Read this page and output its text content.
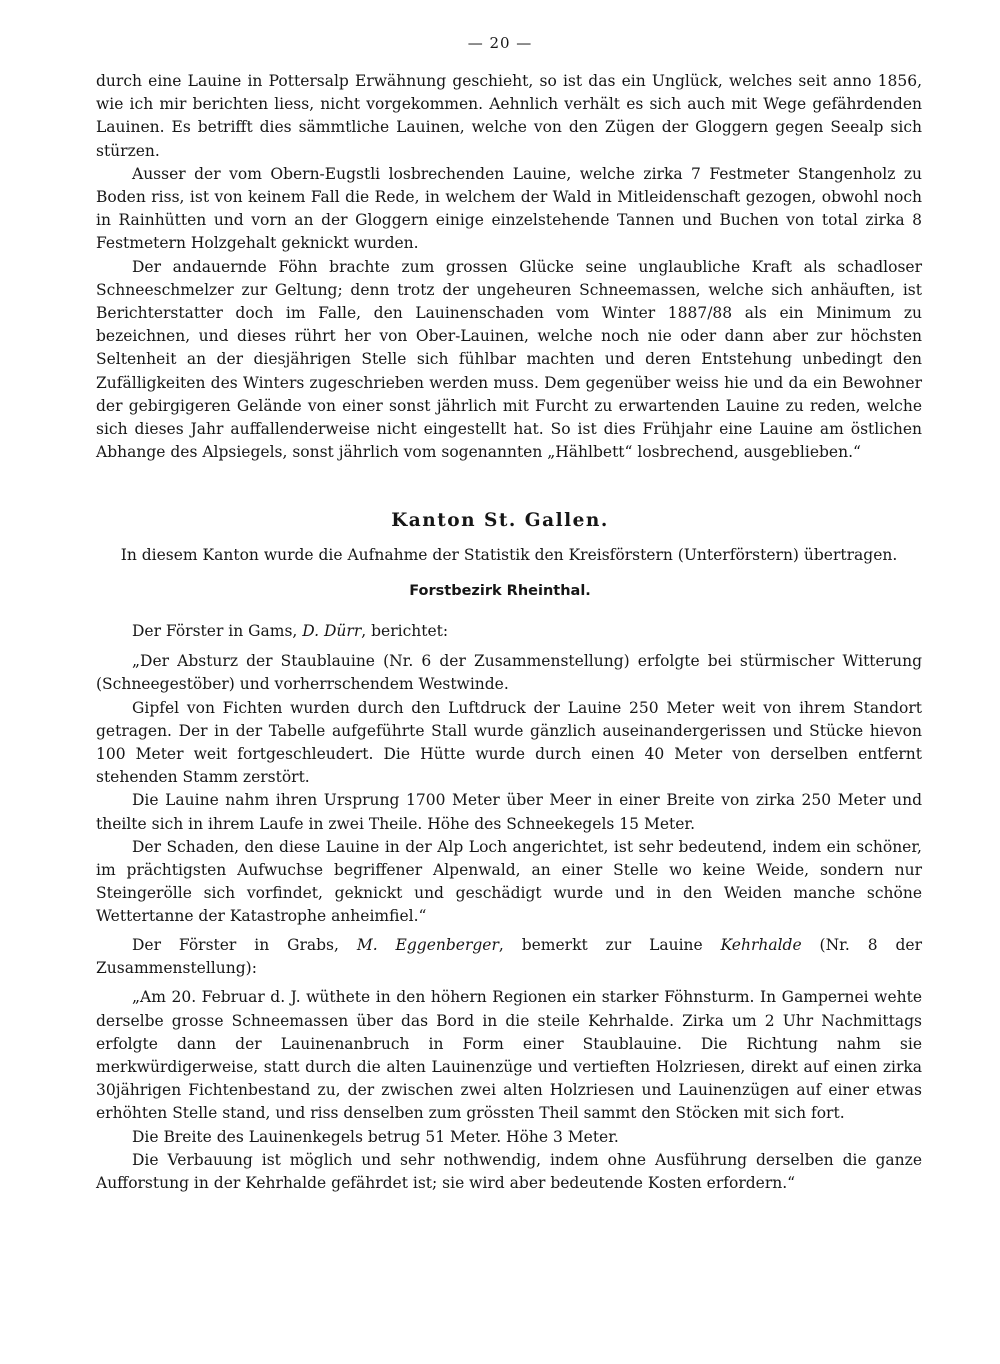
— 20 —

durch eine Lauine in Pottersalp Erwähnung geschieht, so ist das ein Unglück, welches seit anno 1856, wie ich mir berichten liess, nicht vorgekommen. Aehnlich verhält es sich auch mit Wege gefährdenden Lauinen. Es betrifft dies sämmtliche Lauinen, welche von den Zügen der Gloggern gegen Seealp sich stürzen.

Ausser der vom Obern-Eugstli losbrechenden Lauine, welche zirka 7 Festmeter Stangenholz zu Boden riss, ist von keinem Fall die Rede, in welchem der Wald in Mitleidenschaft gezogen, obwohl noch in Rainhütten und vorn an der Gloggern einige einzelstehende Tannen und Buchen von total zirka 8 Festmetern Holzgehalt geknickt wurden.

Der andauernde Föhn brachte zum grossen Glücke seine unglaubliche Kraft als schadloser Schneeschmelzer zur Geltung; denn trotz der ungeheuren Schneemassen, welche sich anhäuften, ist Berichterstatter doch im Falle, den Lauinenschaden vom Winter 1887/88 als ein Minimum zu bezeichnen, und dieses rührt her von Ober-Lauinen, welche noch nie oder dann aber zur höchsten Seltenheit an der diesjährigen Stelle sich fühlbar machten und deren Entstehung unbedingt den Zufälligkeiten des Winters zugeschrieben werden muss. Dem gegenüber weiss hie und da ein Bewohner der gebirgigeren Gelände von einer sonst jährlich mit Furcht zu erwartenden Lauine zu reden, welche sich dieses Jahr auffallenderweise nicht eingestellt hat. So ist dies Frühjahr eine Lauine am östlichen Abhange des Alpsiegels, sonst jährlich vom sogenannten „Hählbett“ losbrechend, ausgeblieben.“

Kanton St. Gallen.
In diesem Kanton wurde die Aufnahme der Statistik den Kreisförstern (Unterförstern) übertragen.
Forstbezirk Rheinthal.

Der Förster in Gams, D. Dürr, berichtet:

„Der Absturz der Staublauine (Nr. 6 der Zusammenstellung) erfolgte bei stürmischer Witterung (Schneegestöber) und vorherrschendem Westwinde.

Gipfel von Fichten wurden durch den Luftdruck der Lauine 250 Meter weit von ihrem Standort getragen. Der in der Tabelle aufgeführte Stall wurde gänzlich auseinandergerissen und Stücke hievon 100 Meter weit fortgeschleudert. Die Hütte wurde durch einen 40 Meter von derselben entfernt stehenden Stamm zerstört.

Die Lauine nahm ihren Ursprung 1700 Meter über Meer in einer Breite von zirka 250 Meter und theilte sich in ihrem Laufe in zwei Theile. Höhe des Schneekegels 15 Meter.

Der Schaden, den diese Lauine in der Alp Loch angerichtet, ist sehr bedeutend, indem ein schöner, im prächtigsten Aufwuchse begriffener Alpenwald, an einer Stelle wo keine Weide, sondern nur Steingerölle sich vorfindet, geknickt und geschädigt wurde und in den Weiden manche schöne Wettertanne der Katastrophe anheimfiel.“

Der Förster in Grabs, M. Eggenberger, bemerkt zur Lauine Kehrhalde (Nr. 8 der Zusammenstellung):

„Am 20. Februar d. J. wüthete in den höhern Regionen ein starker Föhnsturm. In Gampernei wehte derselbe grosse Schneemassen über das Bord in die steile Kehrhalde. Zirka um 2 Uhr Nachmittags erfolgte dann der Lauinenanbruch in Form einer Staublauine. Die Richtung nahm sie merkwürdigerweise, statt durch die alten Lauinenzüge und vertieften Holzriesen, direkt auf einen zirka 30jährigen Fichtenbestand zu, der zwischen zwei alten Holzriesen und Lauinenzügen auf einer etwas erhöhten Stelle stand, und riss denselben zum grössten Theil sammt den Stöcken mit sich fort.

Die Breite des Lauinenkegels betrug 51 Meter. Höhe 3 Meter.

Die Verbauung ist möglich und sehr nothwendig, indem ohne Ausführung derselben die ganze Aufforstung in der Kehrhalde gefährdet ist; sie wird aber bedeutende Kosten erfordern.“
